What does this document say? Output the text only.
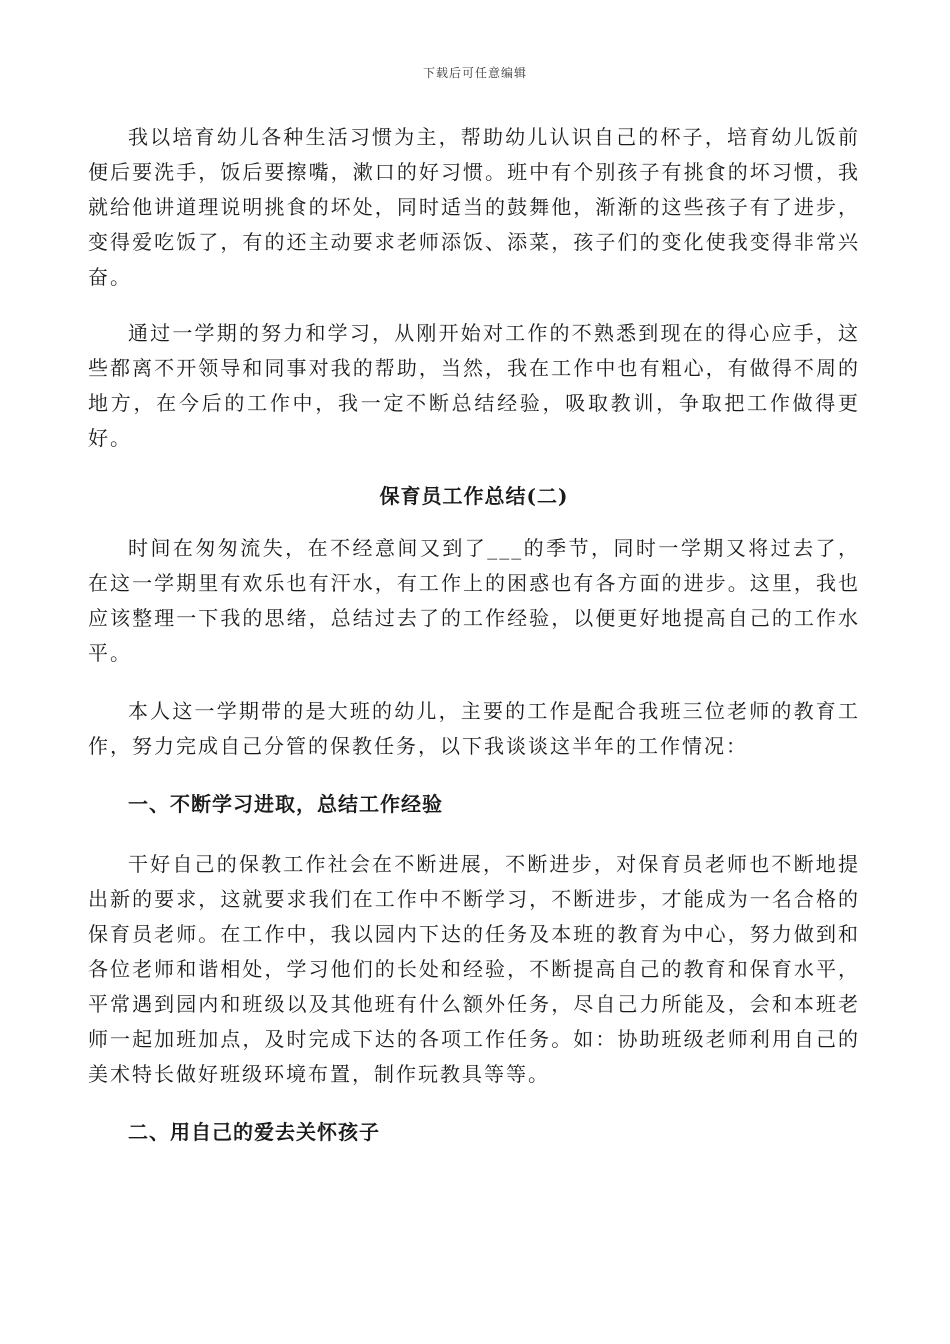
下载后可任意编辑

我以培育幼儿各种生活习惯为主，帮助幼儿认识自己的杯子，培育幼儿饭前便后要洗手，饭后要擦嘴，漱口的好习惯。班中有个别孩子有挑食的坏习惯，我就给他讲道理说明挑食的坏处，同时适当的鼓舞他，渐渐的这些孩子有了进步，变得爱吃饭了，有的还主动要求老师添饭、添菜，孩子们的变化使我变得非常兴奋。

通过一学期的努力和学习，从刚开始对工作的不熟悉到现在的得心应手，这些都离不开领导和同事对我的帮助，当然，我在工作中也有粗心，有做得不周的地方，在今后的工作中，我一定不断总结经验，吸取教训，争取把工作做得更好。

保育员工作总结(二)

时间在匆匆流失，在不经意间又到了___的季节，同时一学期又将过去了，在这一学期里有欢乐也有汗水，有工作上的困惑也有各方面的进步。这里，我也应该整理一下我的思绪，总结过去了的工作经验，以便更好地提高自己的工作水平。

本人这一学期带的是大班的幼儿，主要的工作是配合我班三位老师的教育工作，努力完成自己分管的保教任务，以下我谈谈这半年的工作情况：

一、不断学习进取，总结工作经验

干好自己的保教工作社会在不断进展，不断进步，对保育员老师也不断地提出新的要求，这就要求我们在工作中不断学习，不断进步，才能成为一名合格的保育员老师。在工作中，我以园内下达的任务及本班的教育为中心，努力做到和各位老师和谐相处，学习他们的长处和经验，不断提高自己的教育和保育水平，平常遇到园内和班级以及其他班有什么额外任务，尽自己力所能及，会和本班老师一起加班加点，及时完成下达的各项工作任务。如：协助班级老师利用自己的美术特长做好班级环境布置，制作玩教具等等。

二、用自己的爱去关怀孩子
